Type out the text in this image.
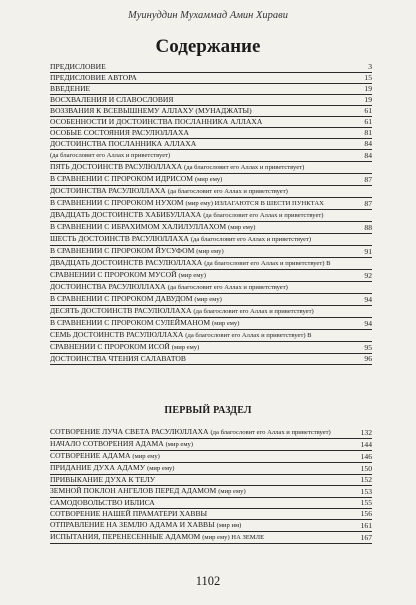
Муинуддин Мухаммад Амин Хирави
Содержание
ПРЕДИСЛОВИЕ	3
ПРЕДИСЛОВИЕ АВТОРА	15
ВВЕДЕНИЕ	19
ВОСХВАЛЕНИЯ И СЛАВОСЛОВИЯ	19
ВОЗЗВАНИЯ К ВСЕВЫШНЕМУ АЛЛАХУ (МУНАДЖАТЫ)	61
ОСОБЕННОСТИ И ДОСТОИНСТВА ПОСЛАННИКА АЛЛАХА	61
ОСОБЫЕ СОСТОЯНИЯ РАСУЛЮЛЛАХА	81
ДОСТОИНСТВА ПОСЛАННИКА АЛЛАХА	84
(да благословит его Аллах и приветствует)	84
ПЯТЬ ДОСТОИНСТВ РАСУЛЮЛЛАХА (да благословит его Аллах и приветствует)
В СРАВНЕНИИ С ПРОРОКОМ ИДРИСОМ (мир ему)	87
ДОСТОИНСТВА РАСУЛЮЛЛАХА (да благословит его Аллах и приветствует)
В СРАВНЕНИИ С ПРОРОКОМ НУХОМ (мир ему) ИЗЛАГАЮТСЯ В ШЕСТИ ПУНКТАХ	87
ДВАДЦАТЬ ДОСТОИНСТВ ХАБИБУЛЛАХА (да благословит его Аллах и приветствует)
В СРАВНЕНИИ С ИБРАХИМОМ ХАЛИЛУЛЛАХОМ (мир ему)	88
ШЕСТЬ ДОСТОИНСТВ РАСУЛЮЛЛАХА (да благословит его Аллах и приветствует)
В СРАВНЕНИИ С ПРОРОКОМ ЙУСУФОМ (мир ему)	91
ДВАДЦАТЬ ДОСТОИНСТВ РАСУЛЮЛЛАХА (да благословит его Аллах и приветствует) В
СРАВНЕНИИ С ПРОРОКОМ МУСОЙ (мир ему)	92
ДОСТОИНСТВА РАСУЛЮЛЛАХА (да благословит его Аллах и приветствует)
В СРАВНЕНИИ С ПРОРОКОМ ДАВУДОМ (мир ему)	94
ДЕСЯТЬ ДОСТОИНСТВ РАСУЛЮЛЛАХА (да благословит его Аллах и приветствует)
В СРАВНЕНИИ С ПРОРОКОМ СУЛЕЙМАНОМ (мир ему)	94
СЕМЬ ДОСТОИНСТВ РАСУЛЮЛЛАХА (да благословит его Аллах и приветствует) В
СРАВНЕНИИ С ПРОРОКОМ ИСОЙ (мир ему)	95
ДОСТОИНСТВА ЧТЕНИЯ САЛАВАТОВ	96
ПЕРВЫЙ РАЗДЕЛ
СОТВОРЕНИЕ ЛУЧА СВЕТА РАСУЛЮЛЛАХА (да благословит его Аллах и приветствует)	132
НАЧАЛО СОТВОРЕНИЯ АДАМА (мир ему)	144
СОТВОРЕНИЕ АДАМА (мир ему)	146
ПРИДАНИЕ ДУХА АДАМУ (мир ему)	150
ПРИВЫКАНИЕ ДУХА К ТЕЛУ	152
ЗЕМНОЙ ПОКЛОН АНГЕЛОВ ПЕРЕД АДАМОМ (мир ему)	153
САМОДОВОЛЬСТВО ИБЛИСА	155
СОТВОРЕНИЕ НАШЕЙ ПРАМАТЕРИ ХАВВЫ	156
ОТПРАВЛЕНИЕ НА ЗЕМЛЮ АДАМА И ХАВВЫ (мир им)	161
ИСПЫТАНИЯ, ПЕРЕНЕСЕННЫЕ АДАМОМ (мир ему) НА ЗЕМЛЕ	167
1102
